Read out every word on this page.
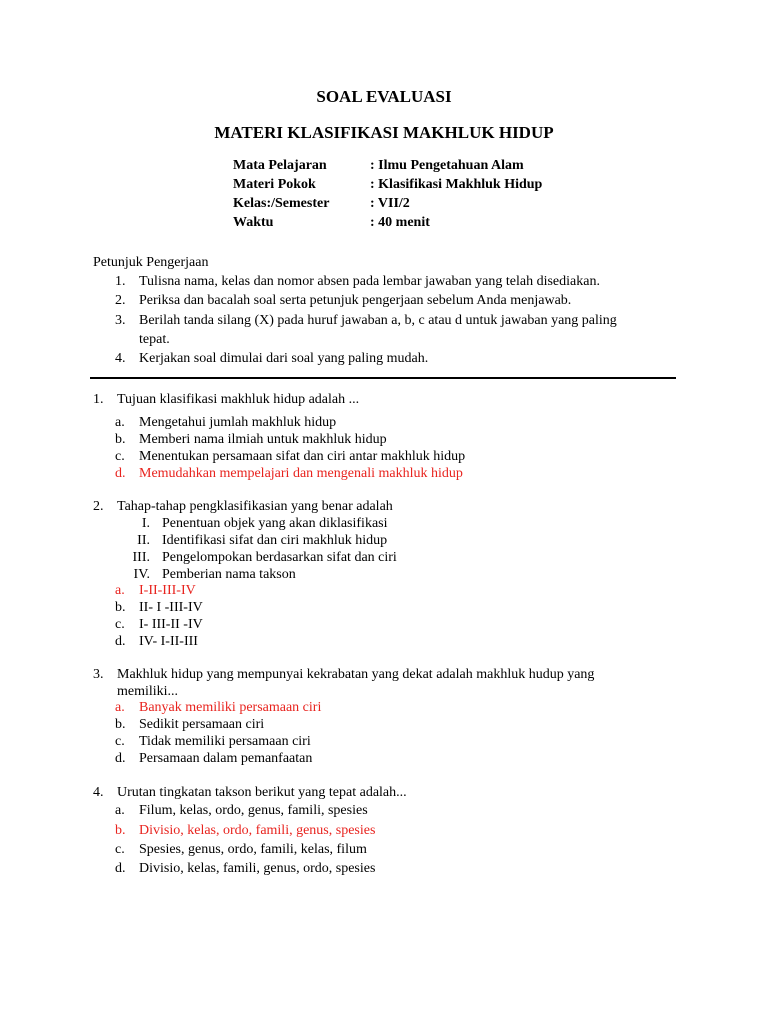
SOAL EVALUASI
MATERI KLASIFIKASI MAKHLUK HIDUP
Mata Pelajaran	: Ilmu Pengetahuan Alam
Materi Pokok	: Klasifikasi Makhluk Hidup
Kelas:/Semester	: VII/2
Waktu	: 40 menit
Petunjuk Pengerjaan
1. Tulisna nama, kelas dan nomor absen pada lembar jawaban yang telah disediakan.
2. Periksa dan bacalah soal serta petunjuk pengerjaan sebelum Anda menjawab.
3. Berilah tanda silang (X) pada huruf jawaban a, b, c atau d untuk jawaban yang paling
tepat.
4. Kerjakan soal dimulai dari soal yang paling mudah.
1. Tujuan klasifikasi makhluk hidup adalah ...
a. Mengetahui jumlah makhluk hidup
b. Memberi nama ilmiah untuk makhluk hidup
c. Menentukan persamaan sifat dan ciri antar makhluk hidup
d. Memudahkan mempelajari dan mengenali makhluk hidup
2. Tahap-tahap pengklasifikasian yang benar adalah
I. Penentuan objek yang akan diklasifikasi
II. Identifikasi sifat dan ciri makhluk hidup
III. Pengelompokan berdasarkan sifat dan ciri
IV. Pemberian nama takson
a. I-II-III-IV
b. II- I -III-IV
c. I- III-II -IV
d. IV- I-II-III
3. Makhluk hidup yang mempunyai kekrabatan yang dekat adalah makhluk hudup yang
memiliki...
a. Banyak memiliki persamaan ciri
b. Sedikit persamaan ciri
c. Tidak memiliki persamaan ciri
d. Persamaan dalam pemanfaatan
4. Urutan tingkatan takson berikut yang tepat adalah...
a. Filum, kelas, ordo, genus, famili, spesies
b. Divisio, kelas, ordo, famili, genus, spesies
c. Spesies, genus, ordo, famili, kelas, filum
d. Divisio, kelas, famili, genus, ordo, spesies
